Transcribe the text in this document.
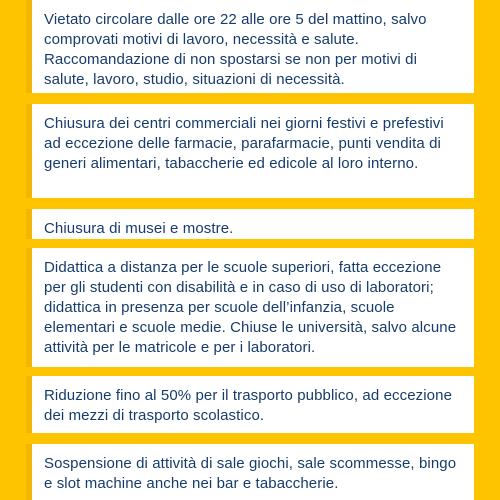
Vietato circolare dalle ore 22 alle ore 5 del mattino, salvo comprovati motivi di lavoro, necessità e salute. Raccomandazione di non spostarsi se non per motivi di salute, lavoro, studio, situazioni di necessità.

Chiusura dei centri commerciali nei giorni festivi e prefestivi ad eccezione delle farmacie, parafarmacie, punti vendita di generi alimentari, tabaccherie ed edicole al loro interno.

Chiusura di musei e mostre.

Didattica a distanza per le scuole superiori, fatta eccezione per gli studenti con disabilità e in caso di uso di laboratori; didattica in presenza per scuole dell’infanzia, scuole elementari e scuole medie. Chiuse le università, salvo alcune attività per le matricole e per i laboratori.

Riduzione fino al 50% per il trasporto pubblico, ad eccezione dei mezzi di trasporto scolastico.

Sospensione di attività di sale giochi, sale scommesse, bingo e slot machine anche nei bar e tabaccherie.
